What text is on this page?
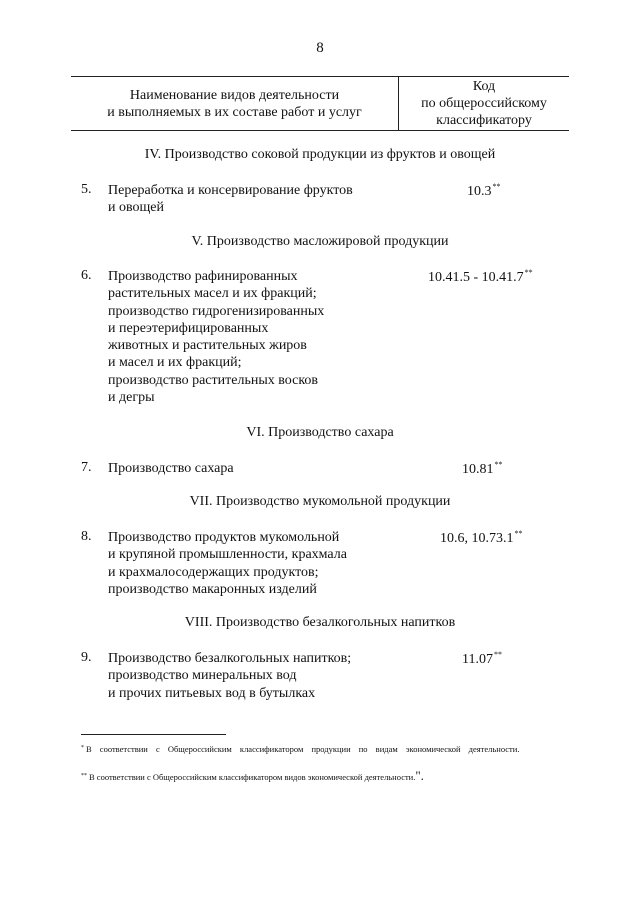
8
Наименование видов деятельности
и выполняемых в их составе работ и услуг
Код
по общероссийскому
классификатору
IV. Производство соковой продукции из фруктов и овощей
5. Переработка и консервирование фруктов
и овощей
10.3**
V. Производство масложировой продукции
6. Производство рафинированных
растительных масел и их фракций;
производство гидрогенизированных
и переэтерифицированных
животных и растительных жиров
и масел и их фракций;
производство растительных восков
и дегры
10.41.5 - 10.41.7**
VI. Производство сахара
7. Производство сахара	10.81**
VII. Производство мукомольной продукции
8. Производство продуктов мукомольной
и крупяной промышленности, крахмала
и крахмалосодержащих продуктов;
производство макаронных изделий
10.6, 10.73.1**
VIII. Производство безалкогольных напитков
9. Производство безалкогольных напитков;
производство минеральных вод
и прочих питьевых вод в бутылках
11.07**
* В соответствии с Общероссийским классификатором продукции по видам экономической деятельности.
** В соответствии с Общероссийским классификатором видов экономической деятельности.".
